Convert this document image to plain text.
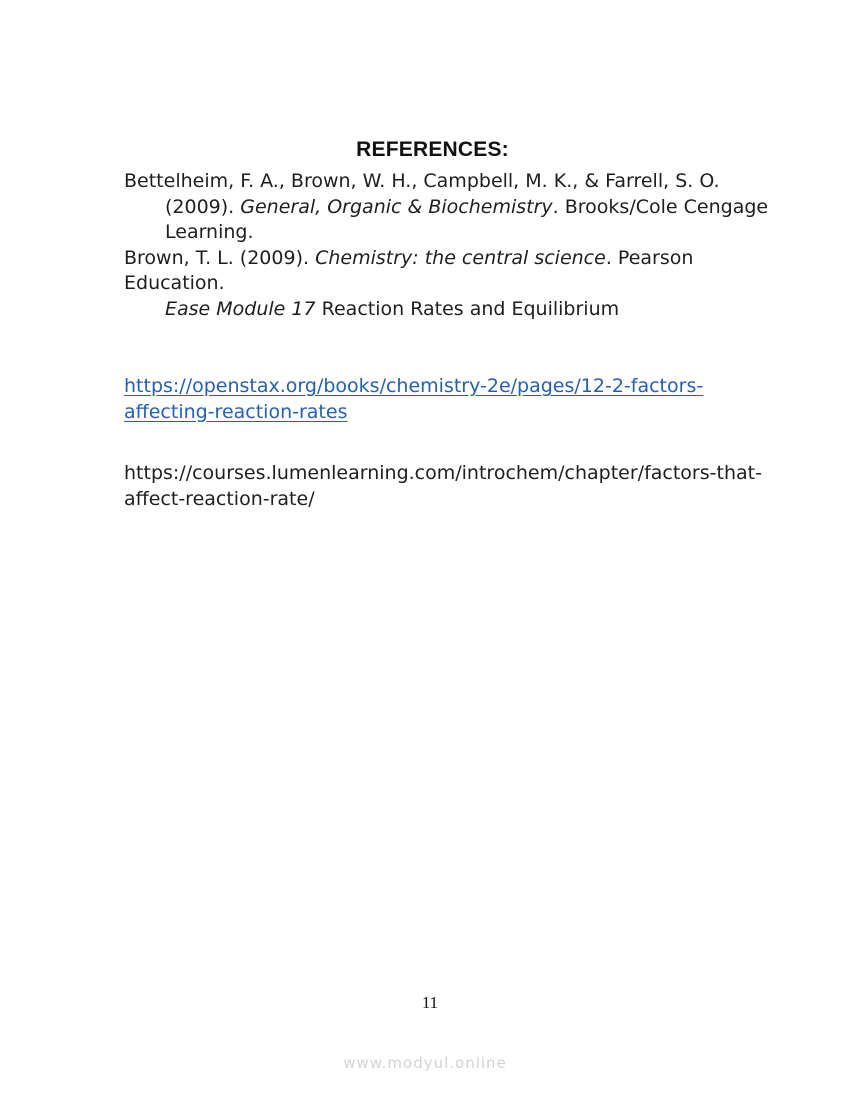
REFERENCES:
Bettelheim, F. A., Brown, W. H., Campbell, M. K., & Farrell, S. O.
(2009). General, Organic & Biochemistry. Brooks/Cole Cengage
Learning.
Brown, T. L. (2009). Chemistry: the central science. Pearson
Education.
Ease Module 17 Reaction Rates and Equilibrium
https://openstax.org/books/chemistry-2e/pages/12-2-factors-
affecting-reaction-rates
https://courses.lumenlearning.com/introchem/chapter/factors-that-
affect-reaction-rate/
11
www.modyul.online
